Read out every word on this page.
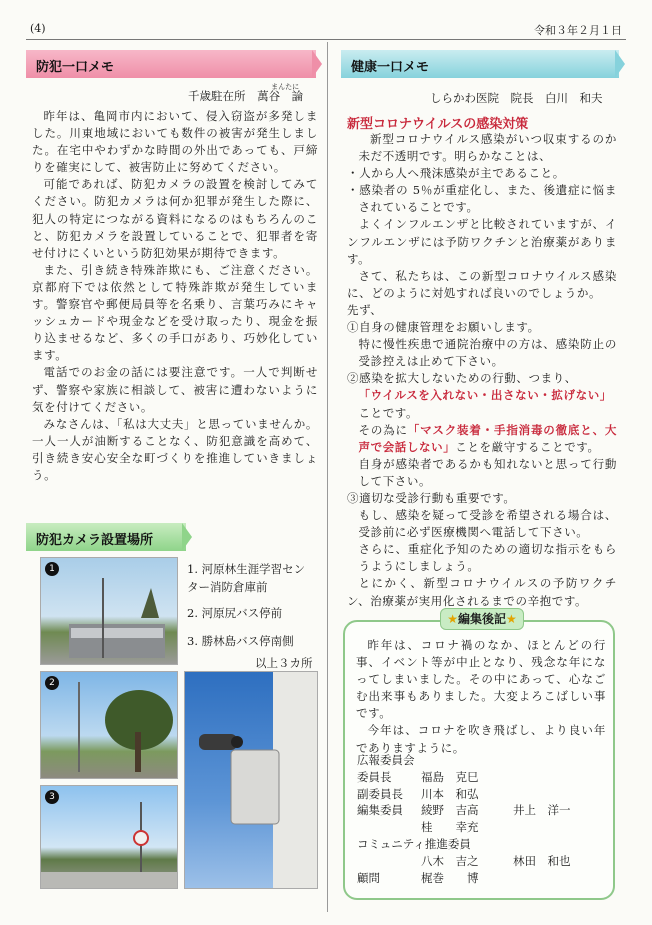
(4)	令和３年２月１日
防犯一口メモ
千歳駐在所
まんたに
萬谷　論

昨年は、亀岡市内において、侵入窃盗が多発しました。川東地域においても数件の被害が発生しました。在宅中やわずかな時間の外出であっても、戸締りを確実にして、被害防止に努めてください。

可能であれば、防犯カメラの設置を検討してみてください。防犯カメラは何か犯罪が発生した際に、犯人の特定につながる資料になるのはもちろんのこと、防犯カメラを設置していることで、犯罪者を寄せ付けにくいという防犯効果が期待できます。

また、引き続き特殊詐欺にも、ご注意ください。京都府下では依然として特殊詐欺が発生しています。警察官や郵便局員等を名乗り、言葉巧みにキャッシュカードや現金などを受け取ったり、現金を振り込ませるなど、多くの手口があり、巧妙化しています。

電話でのお金の話には要注意です。一人で判断せず、警察や家族に相談して、被害に遭わないように気を付けてください。

みなさんは、「私は大丈夫」と思っていませんか。一人一人が油断することなく、防犯意識を高めて、引き続き安心安全な町づくりを推進していきましょう。

防犯カメラ設置場所
1
2
3
1. 河原林生涯学習センター消防倉庫前
2. 河原尻バス停前
3. 勝林島バス停南側
以上３カ所
健康一口メモ
しらかわ医院　院長　白川　和夫
新型コロナウイルスの感染対策

新型コロナウイルス感染がいつ収束するのか未だ不透明です。明らかなことは、

・人から人へ飛沫感染が主であること。

・感染者の 5％が重症化し、また、後遺症に悩まされていることです。

よくインフルエンザと比較されていますが、インフルエンザには予防ワクチンと治療薬があります。

さて、私たちは、この新型コロナウイルス感染に、どのように対処すれば良いのでしょうか。

先ず、

①自身の健康管理をお願いします。

特に慢性疾患で通院治療中の方は、感染防止の受診控えは止めて下さい。

②感染を拡大しないための行動、つまり、

「ウイルスを入れない・出さない・拡げない」
ことです。

その為に「マスク装着・手指消毒の徹底と、大声で会話しない」ことを厳守することです。

自身が感染者であるかも知れないと思って行動して下さい。

③適切な受診行動も重要です。

もし、感染を疑って受診を希望される場合は、受診前に必ず医療機関へ電話して下さい。

さらに、重症化予知のための適切な指示をもらうようにしましょう。

とにかく、新型コロナウイルスの予防ワクチン、治療薬が実用化されるまでの辛抱です。

★編集後記★

昨年は、コロナ禍のなか、ほとんどの行事、イベント等が中止となり、残念な年になってしまいました。その中にあって、心なごむ出来事もありました。大変よろこばしい事です。

今年は、コロナを吹き飛ばし、より良い年でありますように。

広報委員会
委員長	福島　克巳
副委員長 川本　和弘
編集委員 綾野　吉高	井上　洋一
桂　　幸充
コミュニティ推進委員
八木　吉之	林田　和也
顧問	梶巻　　博
